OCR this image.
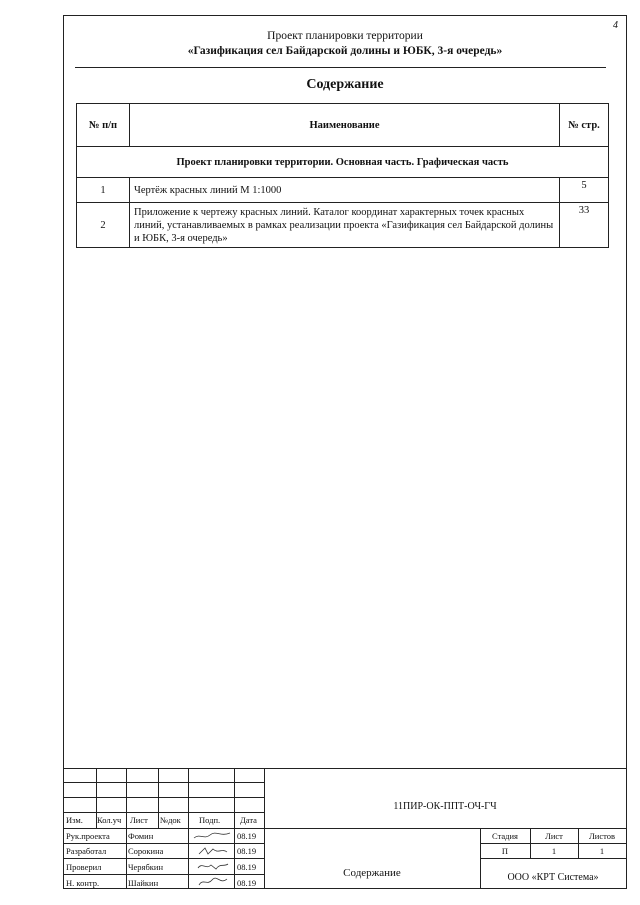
4
Проект планировки территории
«Газификация сел Байдарской долины и ЮБК, 3-я очередь»
Содержание
№ п/п	Наименование	№ стр.
Проект планировки территории. Основная часть. Графическая часть		
1	Чертёж красных линий М 1:1000	5
2	Приложение к чертежу красных линий. Каталог координат характерных точек красных линий, устанавливаемых в рамках реализации проекта «Газификация сел Байдарской долины и ЮБК, 3-я очередь»	33
Изм. Кол.уч Лист №док Подп. Дата
11ПИР-ОК-ППТ-ОЧ-ГЧ
Рук.проекта Фомин	08.19
Разработал	Сорокина	08.19
Проверил	Черябкин	08.19
Н. контр.	Шайкин	08.19
Содержание
Стадия	Лист	Листов
П	1	1
ООО «КРТ Система»
